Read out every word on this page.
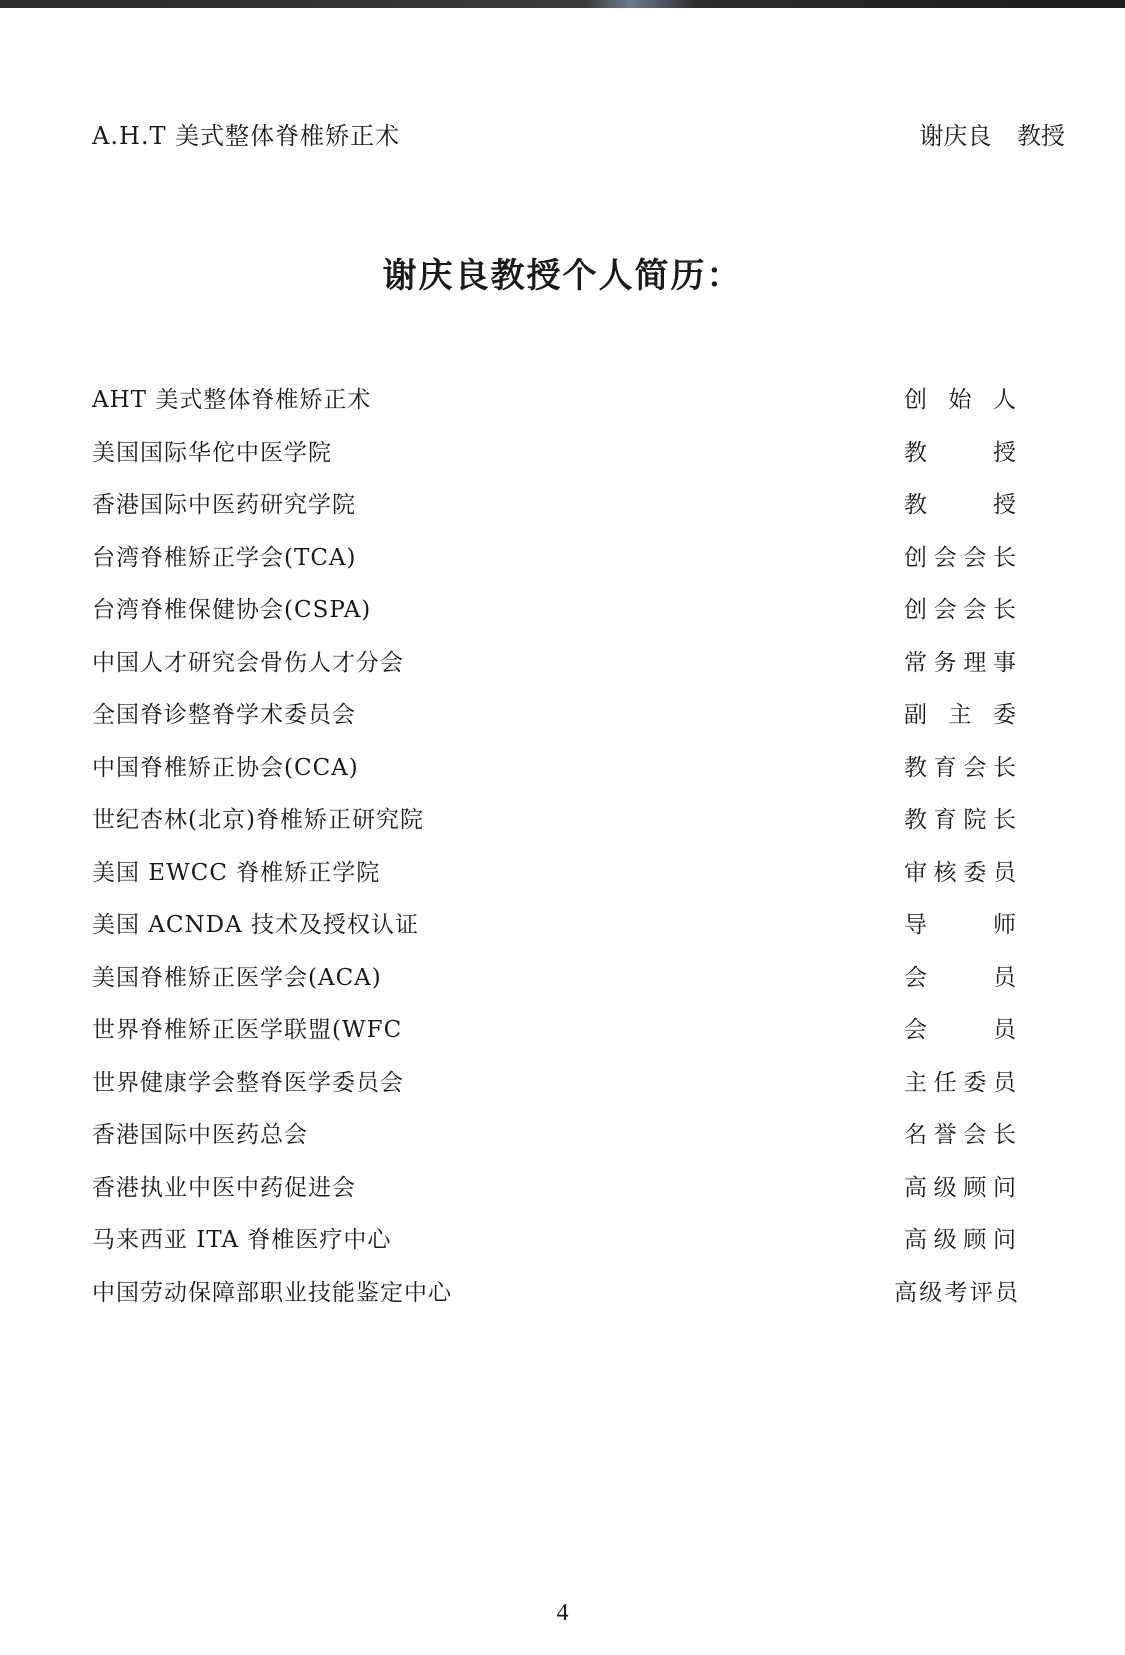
A.H.T 美式整体脊椎矫正术	谢庆良 教授
谢庆良教授个人简历：
AHT 美式整体脊椎矫正术	创始人
美国国际华佗中医学院	教授
香港国际中医药研究学院	教授
台湾脊椎矫正学会(TCA)	创会会长
台湾脊椎保健协会(CSPA)	创会会长
中国人才研究会骨伤人才分会	常务理事
全国脊诊整脊学术委员会	副主委
中国脊椎矫正协会(CCA)	教育会长
世纪杏林(北京)脊椎矫正研究院	教育院长
美国 EWCC 脊椎矫正学院	审核委员
美国 ACNDA 技术及授权认证	导师
美国脊椎矫正医学会(ACA)	会员
世界脊椎矫正医学联盟(WFC	会员
世界健康学会整脊医学委员会	主任委员
香港国际中医药总会	名誉会长
香港执业中医中药促进会	高级顾问
马来西亚 ITA 脊椎医疗中心	高级顾问
中国劳动保障部职业技能鉴定中心	高级考评员
4
